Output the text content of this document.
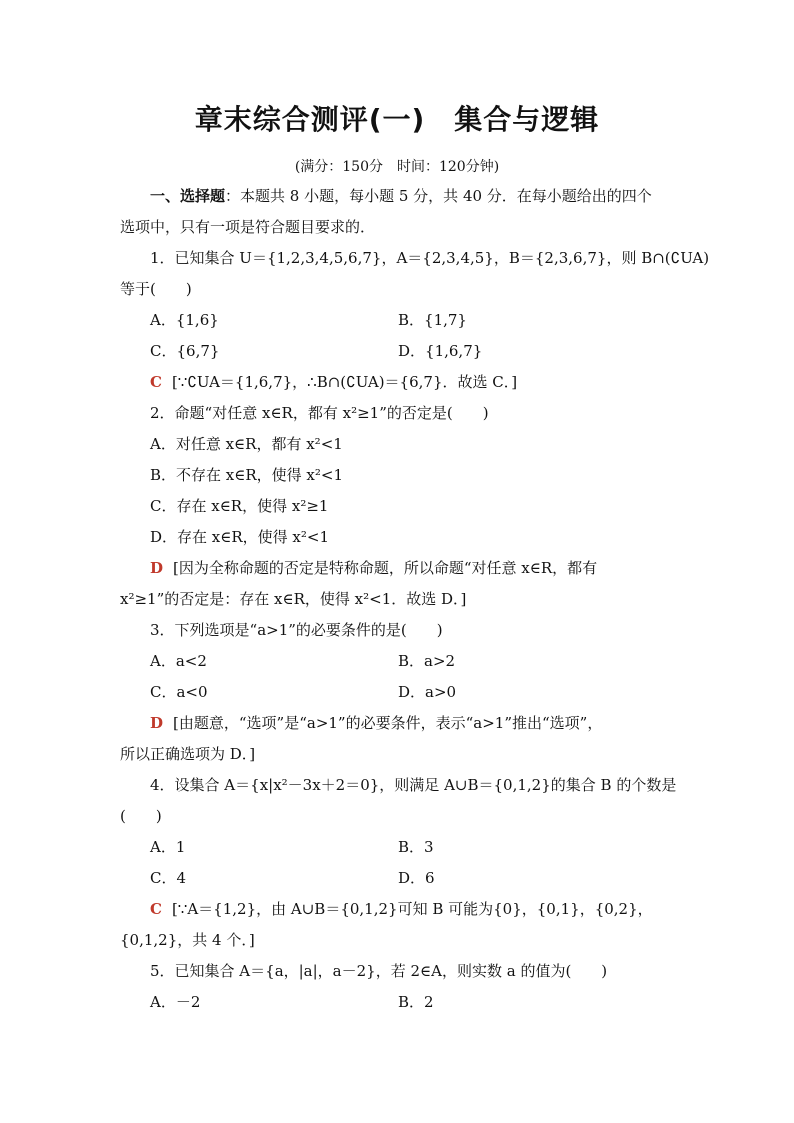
章末综合测评(一)　集合与逻辑
(满分：150分　时间：120分钟)
一、选择题：本题共 8 小题，每小题 5 分，共 40 分．在每小题给出的四个
选项中，只有一项是符合题目要求的．
1．已知集合 U＝{1,2,3,4,5,6,7}，A＝{2,3,4,5}，B＝{2,3,6,7}，则 B∩(∁UA)
等于(　　)
A．{1,6}	B．{1,7}
C．{6,7}	D．{1,6,7}
C [∵∁UA＝{1,6,7}，∴B∩(∁UA)＝{6,7}．故选 C．]
2．命题“对任意 x∈R，都有 x²≥1”的否定是(　　)
A．对任意 x∈R，都有 x²<1
B．不存在 x∈R，使得 x²<1
C．存在 x∈R，使得 x²≥1
D．存在 x∈R，使得 x²<1
D [因为全称命题的否定是特称命题，所以命题“对任意 x∈R，都有
x²≥1”的否定是：存在 x∈R，使得 x²<1．故选 D．]
3．下列选项是“a>1”的必要条件的是(　　)
A．a<2	B．a>2
C．a<0	D．a>0
D [由题意，“选项”是“a>1”的必要条件，表示“a>1”推出“选项”，
所以正确选项为 D．]
4．设集合 A＝{x|x²－3x＋2＝0}，则满足 A∪B＝{0,1,2}的集合 B 的个数是
(　　)
A．1	B．3
C．4	D．6
C [∵A＝{1,2}，由 A∪B＝{0,1,2}可知 B 可能为{0}，{0,1}，{0,2}，
{0,1,2}，共 4 个．]
5．已知集合 A＝{a，|a|，a－2}，若 2∈A，则实数 a 的值为(　　)
A．－2	B．2
